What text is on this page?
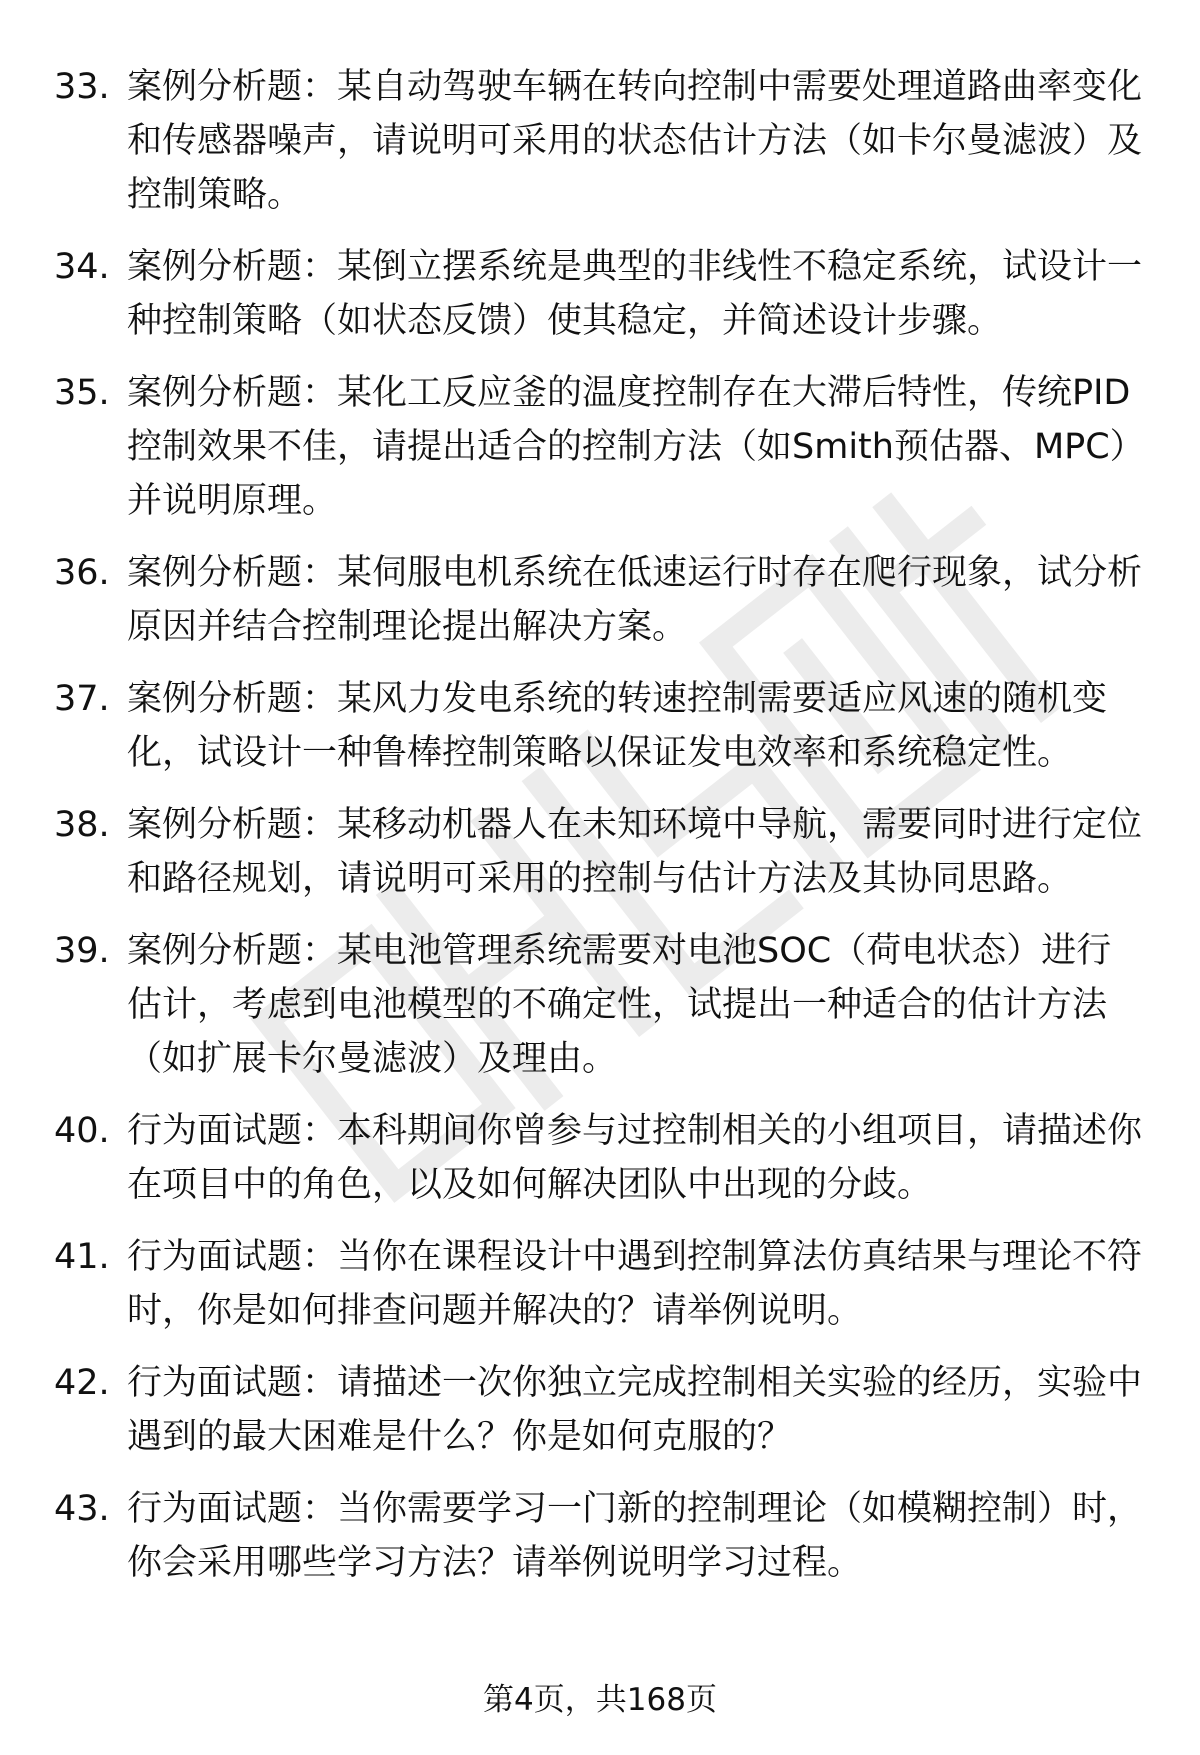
33. 案例分析题：某自动驾驶车辆在转向控制中需要处理道路曲率变化和传感器噪声，请说明可采用的状态估计方法（如卡尔曼滤波）及控制策略。
34. 案例分析题：某倒立摆系统是典型的非线性不稳定系统，试设计一种控制策略（如状态反馈）使其稳定，并简述设计步骤。
35. 案例分析题：某化工反应釜的温度控制存在大滞后特性，传统PID控制效果不佳，请提出适合的控制方法（如Smith预估器、MPC）并说明原理。
36. 案例分析题：某伺服电机系统在低速运行时存在爬行现象，试分析原因并结合控制理论提出解决方案。
37. 案例分析题：某风力发电系统的转速控制需要适应风速的随机变化，试设计一种鲁棒控制策略以保证发电效率和系统稳定性。
38. 案例分析题：某移动机器人在未知环境中导航，需要同时进行定位和路径规划，请说明可采用的控制与估计方法及其协同思路。
39. 案例分析题：某电池管理系统需要对电池SOC（荷电状态）进行估计，考虑到电池模型的不确定性，试提出一种适合的估计方法（如扩展卡尔曼滤波）及理由。
40. 行为面试题：本科期间你曾参与过控制相关的小组项目，请描述你在项目中的角色，以及如何解决团队中出现的分歧。
41. 行为面试题：当你在课程设计中遇到控制算法仿真结果与理论不符时，你是如何排查问题并解决的？请举例说明。
42. 行为面试题：请描述一次你独立完成控制相关实验的经历，实验中遇到的最大困难是什么？你是如何克服的？
43. 行为面试题：当你需要学习一门新的控制理论（如模糊控制）时，你会采用哪些学习方法？请举例说明学习过程。
第4页，共168页
